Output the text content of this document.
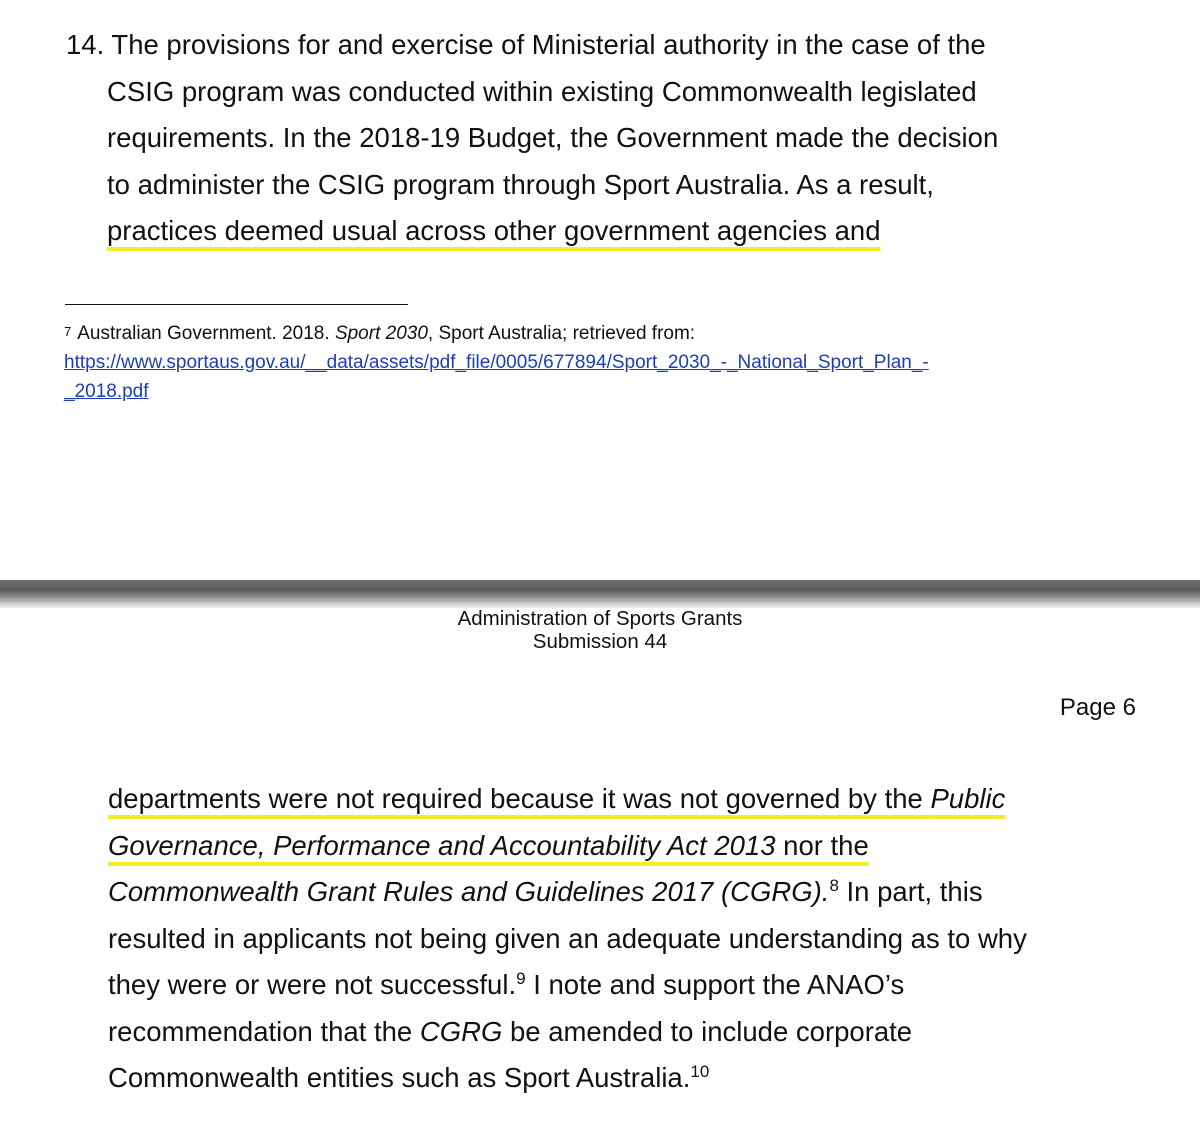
14. The provisions for and exercise of Ministerial authority in the case of the
CSIG program was conducted within existing Commonwealth legislated
requirements. In the 2018-19 Budget, the Government made the decision
to administer the CSIG program through Sport Australia. As a result,
practices deemed usual across other government agencies and
$^7$ Australian Government. 2018. Sport 2030, Sport Australia; retrieved from:
https://www.sportaus.gov.au/__data/assets/pdf_file/0005/677894/Sport_2030_-_National_Sport_Plan_-
_2018.pdf
Administration of Sports Grants
Submission 44
Page 6
departments were not required because it was not governed by the Public
Governance, Performance and Accountability Act 2013 nor the
Commonwealth Grant Rules and Guidelines 2017 (CGRG).$^8$ In part, this
resulted in applicants not being given an adequate understanding as to why
they were or were not successful.$^9$ I note and support the ANAO’s
recommendation that the CGRG be amended to include corporate
Commonwealth entities such as Sport Australia.$^{10}$
